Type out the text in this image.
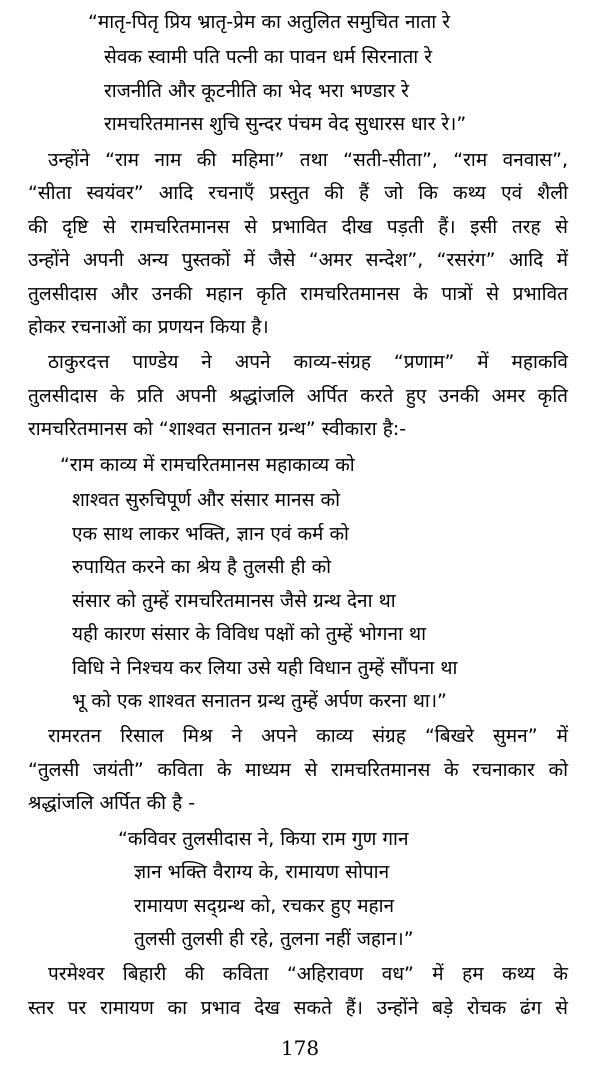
“मातृ-पितृ प्रिय भ्रातृ-प्रेम का अतुलित समुचित नाता रे
सेवक स्वामी पति पत्नी का पावन धर्म सिरनाता रे
राजनीति और कूटनीति का भेद भरा भण्डार रे
रामचरितमानस शुचि सुन्दर पंचम वेद सुधारस धार रे।”
उन्होंने “राम नाम की महिमा” तथा “सती-सीता”, “राम वनवास”,
“सीता स्वयंवर” आदि रचनाएँ प्रस्तुत की हैं जो कि कथ्य एवं शैली
की दृष्टि से रामचरितमानस से प्रभावित दीख पड़ती हैं। इसी तरह से
उन्होंने अपनी अन्य पुस्तकों में जैसे “अमर सन्देश”, “रसरंग” आदि में
तुलसीदास और उनकी महान कृति रामचरितमानस के पात्रों से प्रभावित
होकर रचनाओं का प्रणयन किया है।
ठाकुरदत्त पाण्डेय ने अपने काव्य-संग्रह “प्रणाम” में महाकवि
तुलसीदास के प्रति अपनी श्रद्धांजलि अर्पित करते हुए उनकी अमर कृति
रामचरितमानस को “शाश्वत सनातन ग्रन्थ” स्वीकारा है:-
“राम काव्य में रामचरितमानस महाकाव्य को
शाश्वत सुरुचिपूर्ण और संसार मानस को
एक साथ लाकर भक्ति, ज्ञान एवं कर्म को
रुपायित करने का श्रेय है तुलसी ही को
संसार को तुम्हें रामचरितमानस जैसे ग्रन्थ देना था
यही कारण संसार के विविध पक्षों को तुम्हें भोगना था
विधि ने निश्चय कर लिया उसे यही विधान तुम्हें सौंपना था
भू को एक शाश्वत सनातन ग्रन्थ तुम्हें अर्पण करना था।”
रामरतन रिसाल मिश्र ने अपने काव्य संग्रह “बिखरे सुमन” में
“तुलसी जयंती” कविता के माध्यम से रामचरितमानस के रचनाकार को
श्रद्धांजलि अर्पित की है -
“कविवर तुलसीदास ने, किया राम गुण गान
ज्ञान भक्ति वैराग्य के, रामायण सोपान
रामायण सद्ग्रन्थ को, रचकर हुए महान
तुलसी तुलसी ही रहे, तुलना नहीं जहान।”
परमेश्वर बिहारी की कविता “अहिरावण वध” में हम कथ्य के
स्तर पर रामायण का प्रभाव देख सकते हैं। उन्होंने बड़े रोचक ढंग से
178
